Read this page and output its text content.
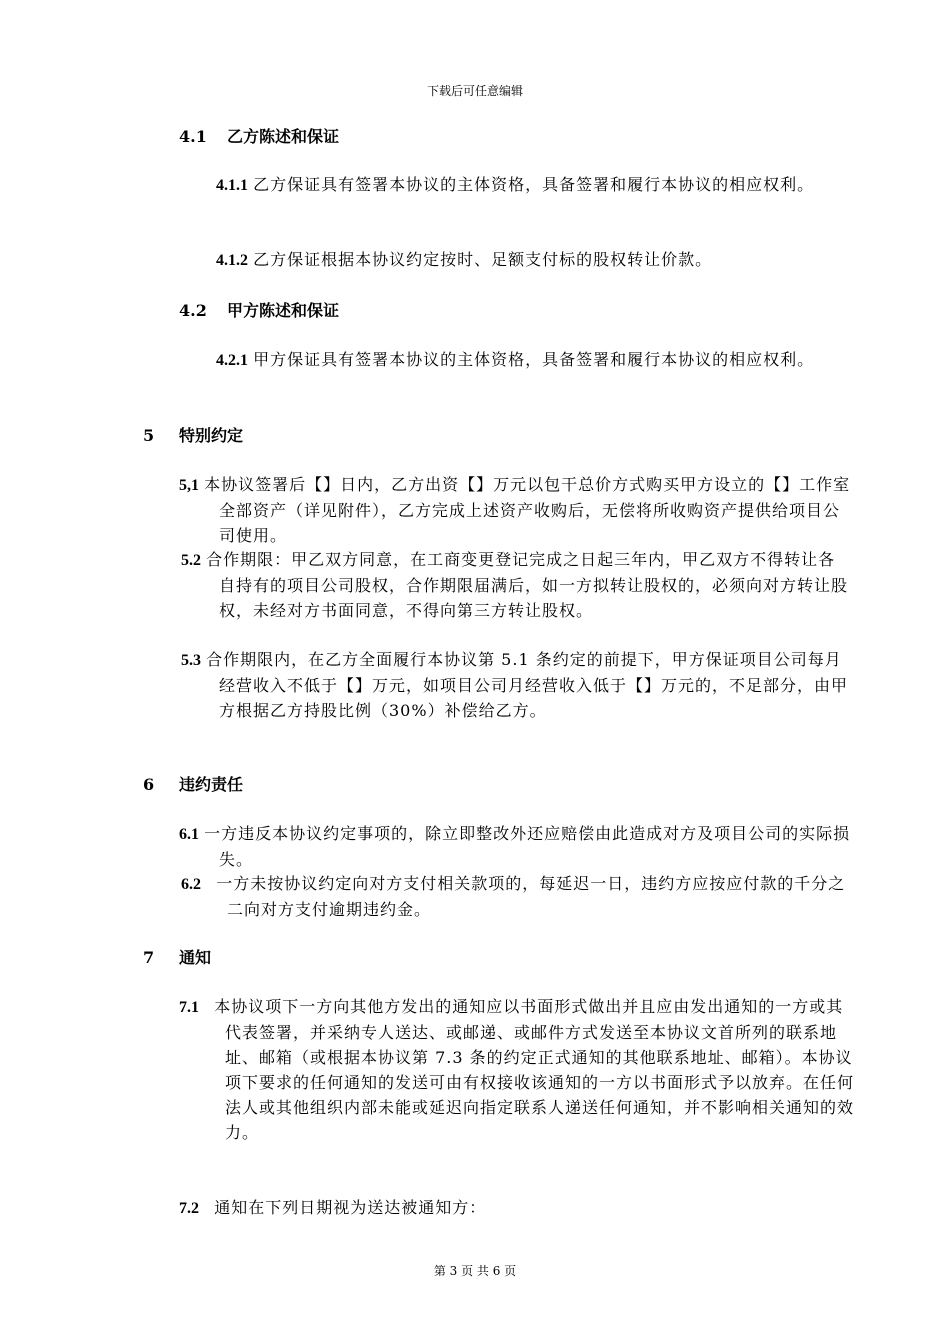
下载后可任意编辑
4.1 乙方陈述和保证
4.1.1 乙方保证具有签署本协议的主体资格，具备签署和履行本协议的相应权利。
4.1.2 乙方保证根据本协议约定按时、足额支付标的股权转让价款。
4.2 甲方陈述和保证
4.2.1 甲方保证具有签署本协议的主体资格，具备签署和履行本协议的相应权利。
5 特别约定
5,1 本协议签署后【】日内，乙方出资【】万元以包干总价方式购买甲方设立的【】工作室全部资产（详见附件），乙方完成上述资产收购后，无偿将所收购资产提供给项目公司使用。
5.2 合作期限：甲乙双方同意，在工商变更登记完成之日起三年内，甲乙双方不得转让各自持有的项目公司股权，合作期限届满后，如一方拟转让股权的，必须向对方转让股权，未经对方书面同意，不得向第三方转让股权。
5.3 合作期限内，在乙方全面履行本协议第 5.1 条约定的前提下，甲方保证项目公司每月经营收入不低于【】万元，如项目公司月经营收入低于【】万元的，不足部分，由甲方根据乙方持股比例（30%）补偿给乙方。
6 违约责任
6.1 一方违反本协议约定事项的，除立即整改外还应赔偿由此造成对方及项目公司的实际损失。
6.2 一方未按协议约定向对方支付相关款项的，每延迟一日，违约方应按应付款的千分之二向对方支付逾期违约金。
7 通知
7.1 本协议项下一方向其他方发出的通知应以书面形式做出并且应由发出通知的一方或其代表签署，并采纳专人送达、或邮递、或邮件方式发送至本协议文首所列的联系地址、邮箱（或根据本协议第 7.3 条的约定正式通知的其他联系地址、邮箱）。本协议项下要求的任何通知的发送可由有权接收该通知的一方以书面形式予以放弃。在任何法人或其他组织内部未能或延迟向指定联系人递送任何通知，并不影响相关通知的效力。
7.2 通知在下列日期视为送达被通知方：
第 3 页 共 6 页
